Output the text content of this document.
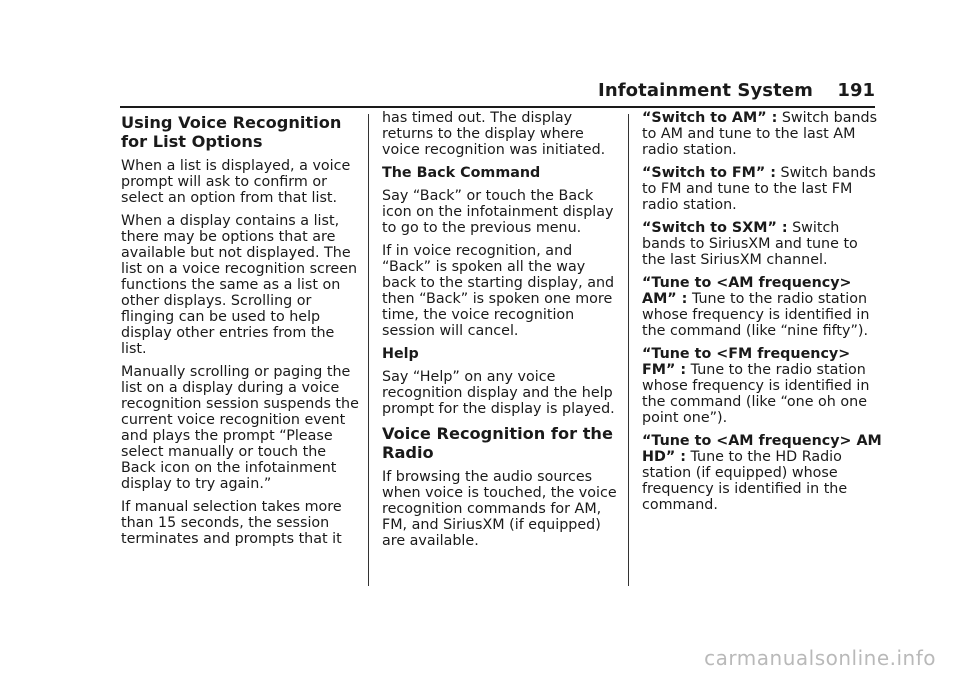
Infotainment System 191
Using Voice Recognition for List Options

When a list is displayed, a voice prompt will ask to confirm or select an option from that list.

When a display contains a list, there may be options that are available but not displayed. The list on a voice recognition screen functions the same as a list on other displays. Scrolling or flinging can be used to help display other entries from the list.

Manually scrolling or paging the list on a display during a voice recognition session suspends the current voice recognition event and plays the prompt “Please select manually or touch the Back icon on the infotainment display to try again.”

If manual selection takes more than 15 seconds, the session terminates and prompts that it

has timed out. The display returns to the display where voice recognition was initiated.

The Back Command

Say “Back” or touch the Back icon on the infotainment display to go to the previous menu.

If in voice recognition, and “Back” is spoken all the way back to the starting display, and then “Back” is spoken one more time, the voice recognition session will cancel.

Help

Say “Help” on any voice recognition display and the help prompt for the display is played.

Voice Recognition for the Radio

If browsing the audio sources when voice is touched, the voice recognition commands for AM, FM, and SiriusXM (if equipped) are available.

“Switch to AM” : Switch bands to AM and tune to the last AM radio station.

“Switch to FM” : Switch bands to FM and tune to the last FM radio station.

“Switch to SXM” : Switch bands to SiriusXM and tune to the last SiriusXM channel.

“Tune to <AM frequency> AM” : Tune to the radio station whose frequency is identified in the command (like “nine fifty”).

“Tune to <FM frequency> FM” : Tune to the radio station whose frequency is identified in the command (like “one oh one point one”).

“Tune to <AM frequency> AM HD” : Tune to the HD Radio station (if equipped) whose frequency is identified in the command.

carmanualsonline.info
